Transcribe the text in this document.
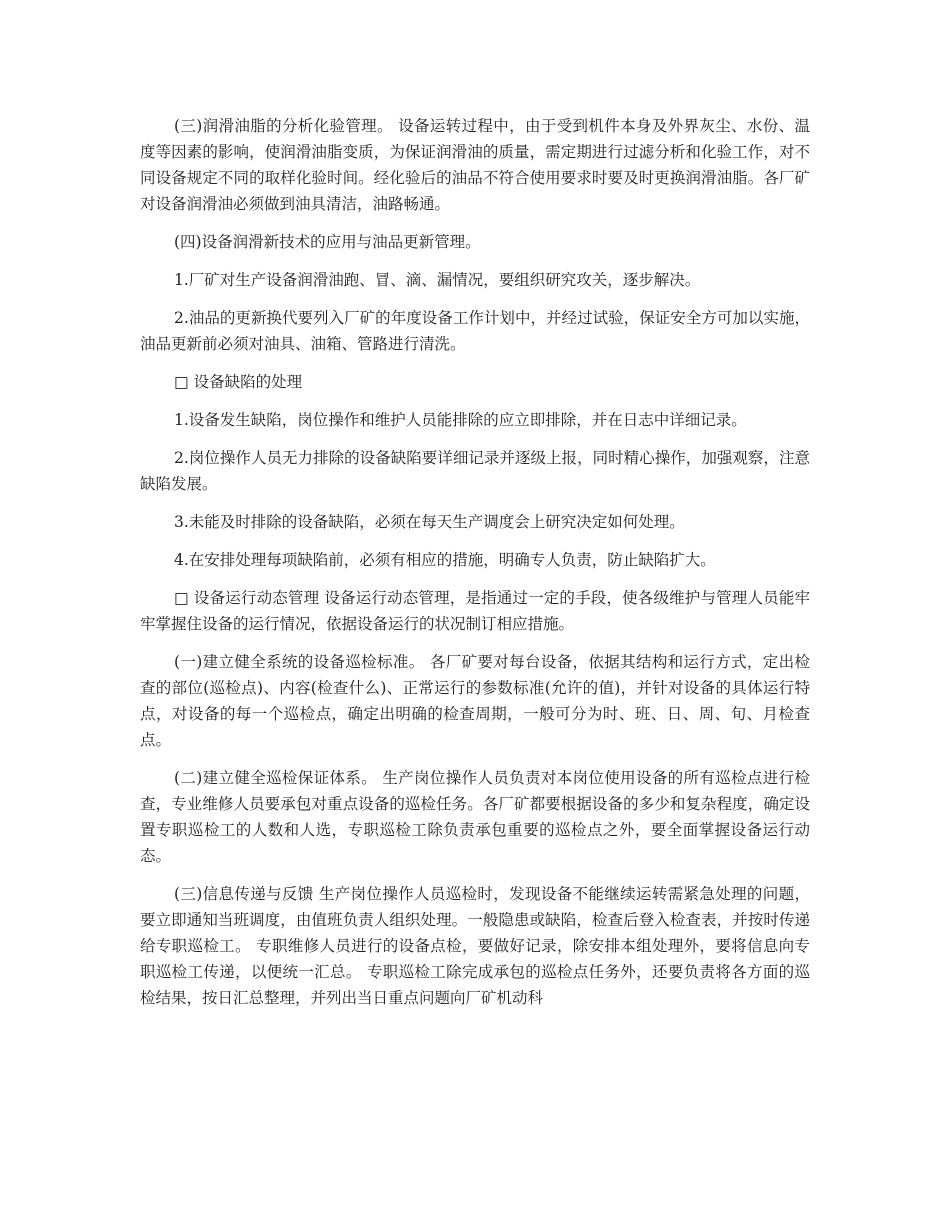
(三)润滑油脂的分析化验管理。 设备运转过程中，由于受到机件本身及外界灰尘、水份、温度等因素的影响，使润滑油脂变质，为保证润滑油的质量，需定期进行过滤分析和化验工作，对不同设备规定不同的取样化验时间。经化验后的油品不符合使用要求时要及时更换润滑油脂。各厂矿对设备润滑油必须做到油具清洁，油路畅通。

(四)设备润滑新技术的应用与油品更新管理。

1.厂矿对生产设备润滑油跑、冒、滴、漏情况，要组织研究攻关，逐步解决。

2.油品的更新换代要列入厂矿的年度设备工作计划中，并经过试验，保证安全方可加以实施，油品更新前必须对油具、油箱、管路进行清洗。

□ 设备缺陷的处理

1.设备发生缺陷，岗位操作和维护人员能排除的应立即排除，并在日志中详细记录。

2.岗位操作人员无力排除的设备缺陷要详细记录并逐级上报，同时精心操作，加强观察，注意缺陷发展。

3.未能及时排除的设备缺陷，必须在每天生产调度会上研究决定如何处理。

4.在安排处理每项缺陷前，必须有相应的措施，明确专人负责，防止缺陷扩大。

□ 设备运行动态管理 设备运行动态管理，是指通过一定的手段，使各级维护与管理人员能牢牢掌握住设备的运行情况，依据设备运行的状况制订相应措施。

(一)建立健全系统的设备巡检标准。 各厂矿要对每台设备，依据其结构和运行方式，定出检查的部位(巡检点)、内容(检查什么)、正常运行的参数标准(允许的值)，并针对设备的具体运行特点，对设备的每一个巡检点，确定出明确的检查周期，一般可分为时、班、日、周、旬、月检查点。

(二)建立健全巡检保证体系。 生产岗位操作人员负责对本岗位使用设备的所有巡检点进行检查，专业维修人员要承包对重点设备的巡检任务。各厂矿都要根据设备的多少和复杂程度，确定设置专职巡检工的人数和人选，专职巡检工除负责承包重要的巡检点之外，要全面掌握设备运行动态。

(三)信息传递与反馈 生产岗位操作人员巡检时，发现设备不能继续运转需紧急处理的问题，要立即通知当班调度，由值班负责人组织处理。一般隐患或缺陷，检查后登入检查表，并按时传递给专职巡检工。 专职维修人员进行的设备点检，要做好记录，除安排本组处理外，要将信息向专职巡检工传递，以便统一汇总。 专职巡检工除完成承包的巡检点任务外，还要负责将各方面的巡检结果，按日汇总整理，并列出当日重点问题向厂矿机动科
